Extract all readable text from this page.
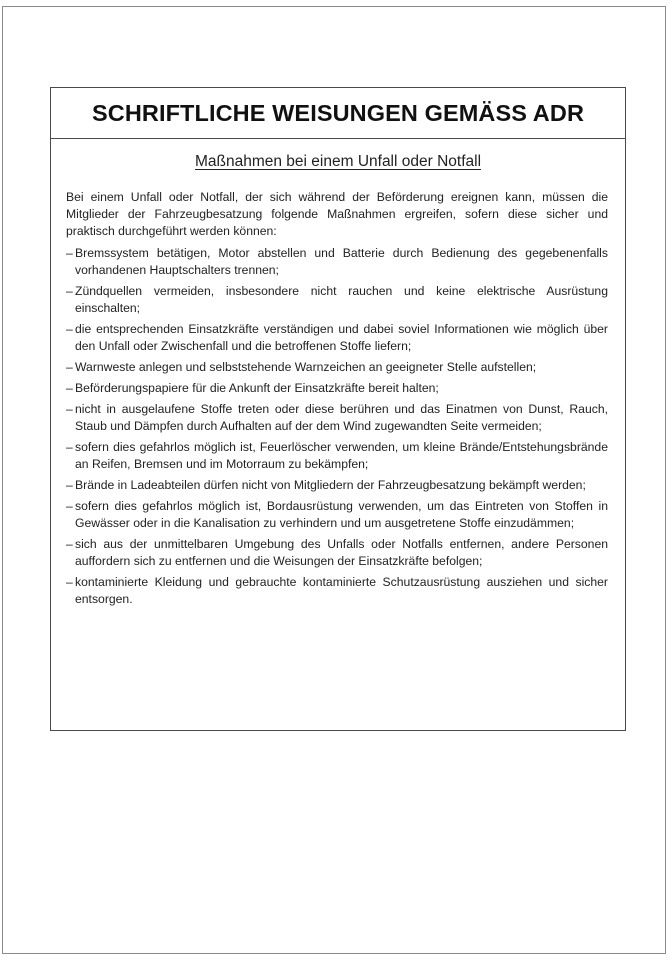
SCHRIFTLICHE WEISUNGEN GEMÄSS ADR

Maßnahmen bei einem Unfall oder Notfall

Bei einem Unfall oder Notfall, der sich während der Beförderung ereignen kann, müssen die Mitglieder der Fahrzeugbesatzung folgende Maßnahmen ergreifen, sofern diese sicher und praktisch durchgeführt werden können:

– Bremssystem betätigen, Motor abstellen und Batterie durch Bedienung des gegebenenfalls vorhandenen Hauptschalters trennen;
– Zündquellen vermeiden, insbesondere nicht rauchen und keine elektrische Ausrüstung einschalten;
– die entsprechenden Einsatzkräfte verständigen und dabei soviel Informationen wie möglich über den Unfall oder Zwischenfall und die betroffenen Stoffe liefern;
– Warnweste anlegen und selbststehende Warnzeichen an geeigneter Stelle aufstellen;
– Beförderungspapiere für die Ankunft der Einsatzkräfte bereit halten;
– nicht in ausgelaufene Stoffe treten oder diese berühren und das Einatmen von Dunst, Rauch, Staub und Dämpfen durch Aufhalten auf der dem Wind zugewandten Seite vermeiden;
– sofern dies gefahrlos möglich ist, Feuerlöscher verwenden, um kleine Brände/Entstehungsbrände an Reifen, Bremsen und im Motorraum zu bekämpfen;
– Brände in Ladeabteilen dürfen nicht von Mitgliedern der Fahrzeugbesatzung bekämpft werden;
– sofern dies gefahrlos möglich ist, Bordausrüstung verwenden, um das Eintreten von Stoffen in Gewässer oder in die Kanalisation zu verhindern und um ausgetretene Stoffe einzudämmen;
– sich aus der unmittelbaren Umgebung des Unfalls oder Notfalls entfernen, andere Personen auffordern sich zu entfernen und die Weisungen der Einsatzkräfte befolgen;
– kontaminierte Kleidung und gebrauchte kontaminierte Schutzausrüstung ausziehen und sicher entsorgen.
